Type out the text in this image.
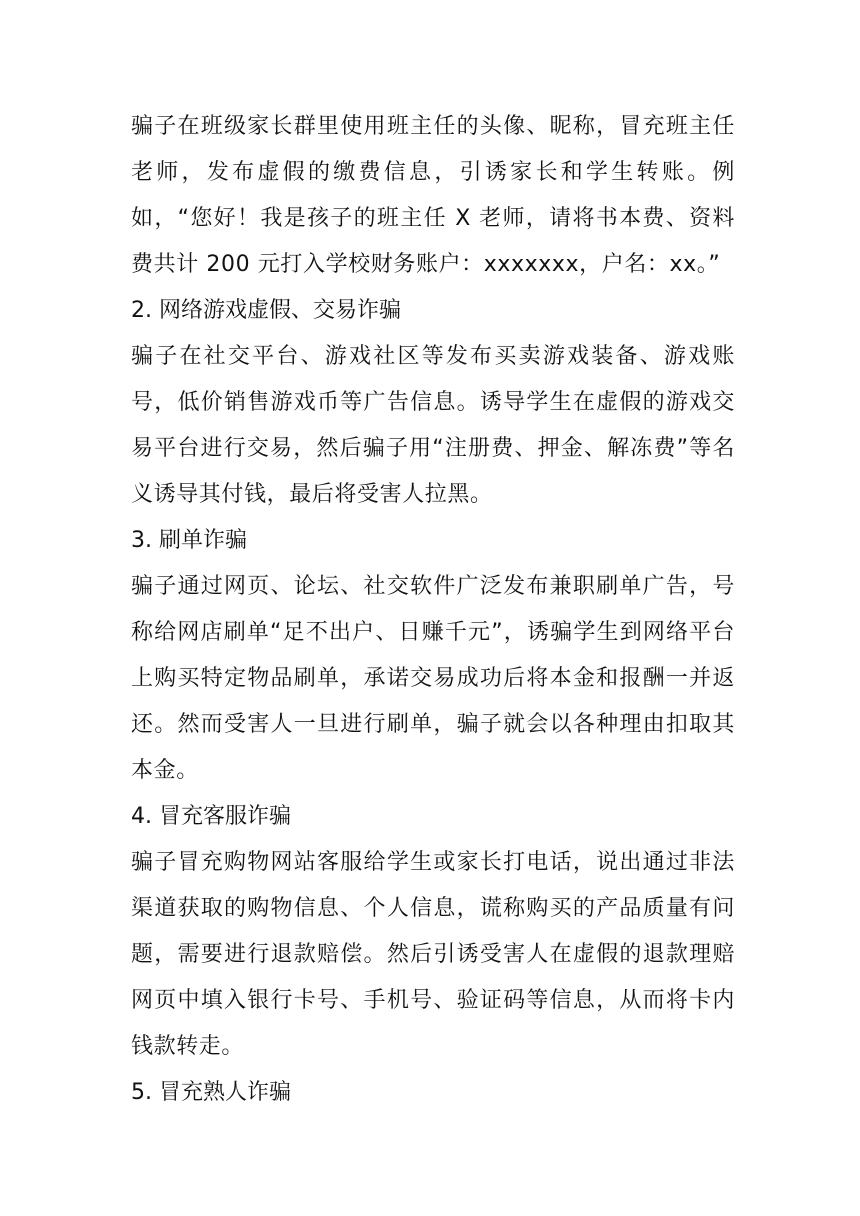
骗子在班级家长群里使用班主任的头像、昵称，冒充班主任老师，发布虚假的缴费信息，引诱家长和学生转账。例如，“您好！我是孩子的班主任 X 老师，请将书本费、资料费共计 200 元打入学校财务账户：xxxxxxx，户名：xx。”

2. 网络游戏虚假、交易诈骗

骗子在社交平台、游戏社区等发布买卖游戏装备、游戏账号，低价销售游戏币等广告信息。诱导学生在虚假的游戏交易平台进行交易，然后骗子用“注册费、押金、解冻费”等名义诱导其付钱，最后将受害人拉黑。

3. 刷单诈骗

骗子通过网页、论坛、社交软件广泛发布兼职刷单广告，号称给网店刷单“足不出户、日赚千元”，诱骗学生到网络平台上购买特定物品刷单，承诺交易成功后将本金和报酬一并返还。然而受害人一旦进行刷单，骗子就会以各种理由扣取其本金。

4. 冒充客服诈骗

骗子冒充购物网站客服给学生或家长打电话，说出通过非法渠道获取的购物信息、个人信息，谎称购买的产品质量有问题，需要进行退款赔偿。然后引诱受害人在虚假的退款理赔网页中填入银行卡号、手机号、验证码等信息，从而将卡内钱款转走。

5. 冒充熟人诈骗
